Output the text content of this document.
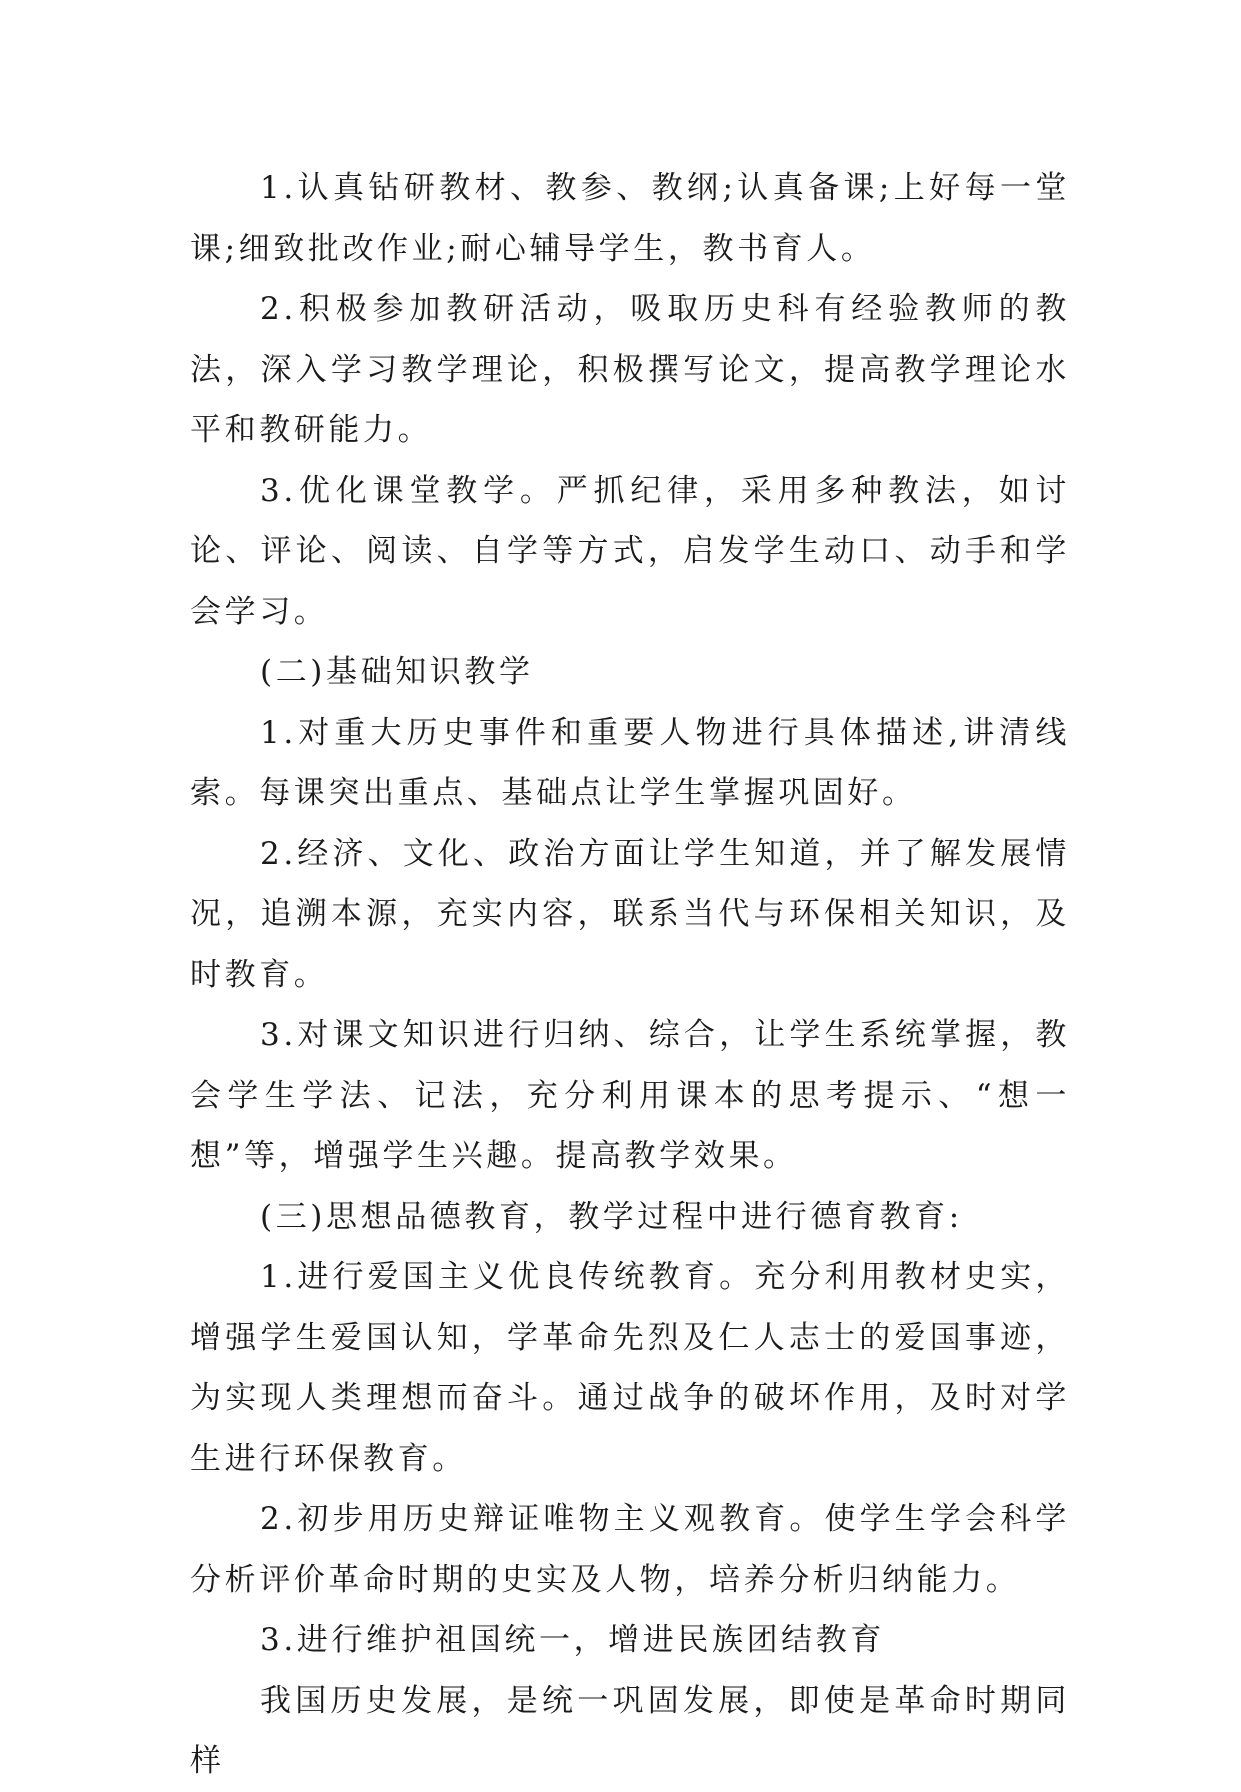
1.认真钻研教材、教参、教纲;认真备课;上好每一堂课;细致批改作业;耐心辅导学生，教书育人。

2.积极参加教研活动，吸取历史科有经验教师的教法，深入学习教学理论，积极撰写论文，提高教学理论水平和教研能力。

3.优化课堂教学。严抓纪律，采用多种教法，如讨论、评论、阅读、自学等方式，启发学生动口、动手和学会学习。

(二)基础知识教学

1.对重大历史事件和重要人物进行具体描述,讲清线索。每课突出重点、基础点让学生掌握巩固好。

2.经济、文化、政治方面让学生知道，并了解发展情况，追溯本源，充实内容，联系当代与环保相关知识，及时教育。

3.对课文知识进行归纳、综合，让学生系统掌握，教会学生学法、记法，充分利用课本的思考提示、“想一想”等，增强学生兴趣。提高教学效果。

(三)思想品德教育，教学过程中进行德育教育:

1.进行爱国主义优良传统教育。充分利用教材史实，增强学生爱国认知，学革命先烈及仁人志士的爱国事迹，为实现人类理想而奋斗。通过战争的破坏作用，及时对学生进行环保教育。

2.初步用历史辩证唯物主义观教育。使学生学会科学分析评价革命时期的史实及人物，培养分析归纳能力。

3.进行维护祖国统一，增进民族团结教育

我国历史发展，是统一巩固发展，即使是革命时期同样
